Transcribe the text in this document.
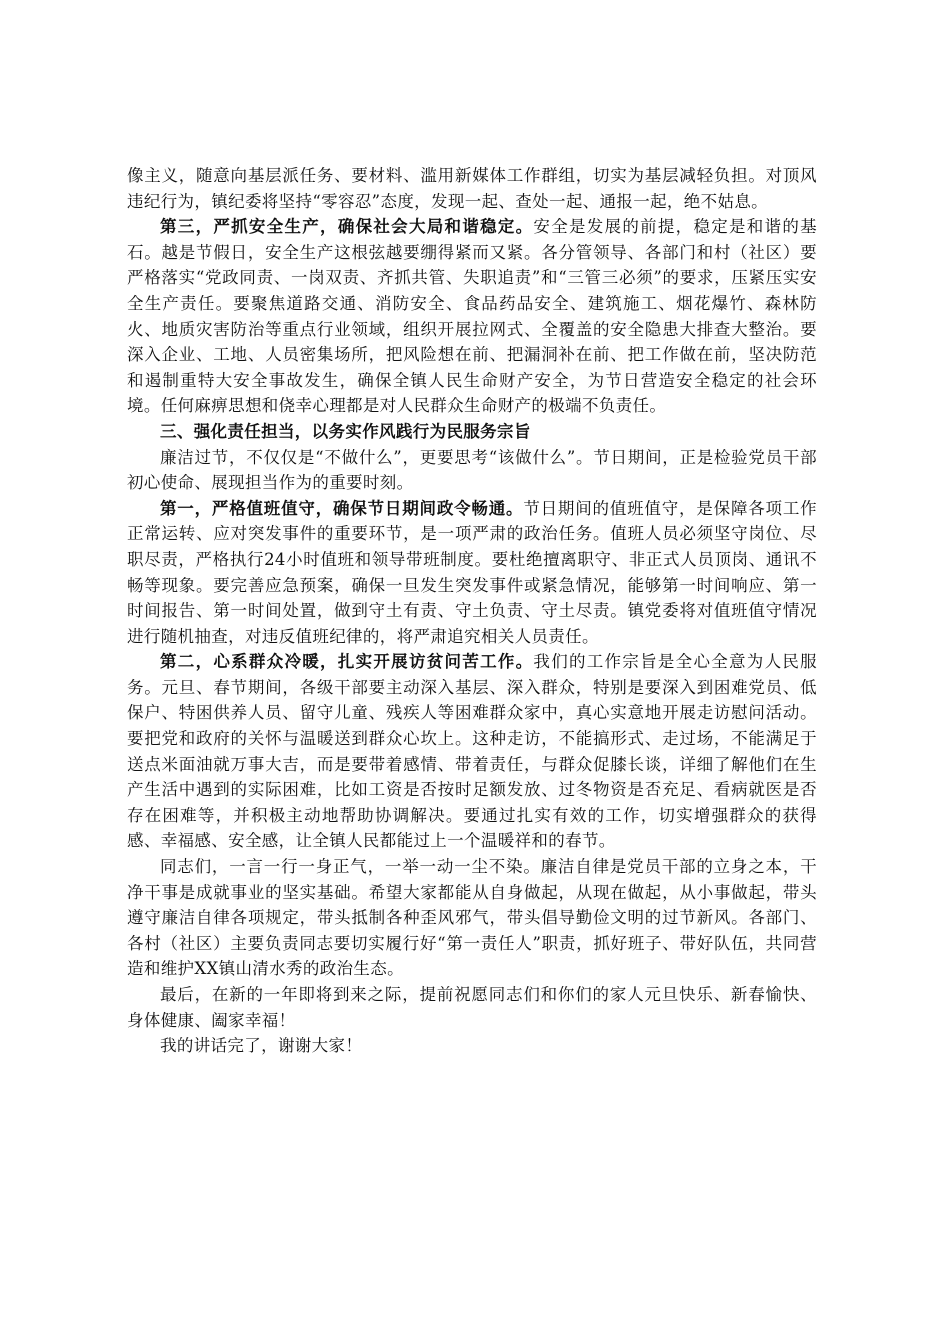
像主义，随意向基层派任务、要材料、滥用新媒体工作群组，切实为基层减轻负担。对顶风违纪行为，镇纪委将坚持“零容忍”态度，发现一起、查处一起、通报一起，绝不姑息。

第三，严抓安全生产，确保社会大局和谐稳定。安全是发展的前提，稳定是和谐的基石。越是节假日，安全生产这根弦越要绷得紧而又紧。各分管领导、各部门和村（社区）要严格落实“党政同责、一岗双责、齐抓共管、失职追责”和“三管三必须”的要求，压紧压实安全生产责任。要聚焦道路交通、消防安全、食品药品安全、建筑施工、烟花爆竹、森林防火、地质灾害防治等重点行业领域，组织开展拉网式、全覆盖的安全隐患大排查大整治。要深入企业、工地、人员密集场所，把风险想在前、把漏洞补在前、把工作做在前，坚决防范和遏制重特大安全事故发生，确保全镇人民生命财产安全，为节日营造安全稳定的社会环境。任何麻痹思想和侥幸心理都是对人民群众生命财产的极端不负责任。

三、强化责任担当，以务实作风践行为民服务宗旨

廉洁过节，不仅仅是“不做什么”，更要思考“该做什么”。节日期间，正是检验党员干部初心使命、展现担当作为的重要时刻。

第一，严格值班值守，确保节日期间政令畅通。节日期间的值班值守，是保障各项工作正常运转、应对突发事件的重要环节，是一项严肃的政治任务。值班人员必须坚守岗位、尽职尽责，严格执行24小时值班和领导带班制度。要杜绝擅离职守、非正式人员顶岗、通讯不畅等现象。要完善应急预案，确保一旦发生突发事件或紧急情况，能够第一时间响应、第一时间报告、第一时间处置，做到守土有责、守土负责、守土尽责。镇党委将对值班值守情况进行随机抽查，对违反值班纪律的，将严肃追究相关人员责任。

第二，心系群众冷暖，扎实开展访贫问苦工作。我们的工作宗旨是全心全意为人民服务。元旦、春节期间，各级干部要主动深入基层、深入群众，特别是要深入到困难党员、低保户、特困供养人员、留守儿童、残疾人等困难群众家中，真心实意地开展走访慰问活动。要把党和政府的关怀与温暖送到群众心坎上。这种走访，不能搞形式、走过场，不能满足于送点米面油就万事大吉，而是要带着感情、带着责任，与群众促膝长谈，详细了解他们在生产生活中遇到的实际困难，比如工资是否按时足额发放、过冬物资是否充足、看病就医是否存在困难等，并积极主动地帮助协调解决。要通过扎实有效的工作，切实增强群众的获得感、幸福感、安全感，让全镇人民都能过上一个温暖祥和的春节。

同志们，一言一行一身正气，一举一动一尘不染。廉洁自律是党员干部的立身之本，干净干事是成就事业的坚实基础。希望大家都能从自身做起，从现在做起，从小事做起，带头遵守廉洁自律各项规定，带头抵制各种歪风邪气，带头倡导勤俭文明的过节新风。各部门、各村（社区）主要负责同志要切实履行好“第一责任人”职责，抓好班子、带好队伍，共同营造和维护XX镇山清水秀的政治生态。

最后，在新的一年即将到来之际，提前祝愿同志们和你们的家人元旦快乐、新春愉快、身体健康、阖家幸福！

我的讲话完了，谢谢大家！
